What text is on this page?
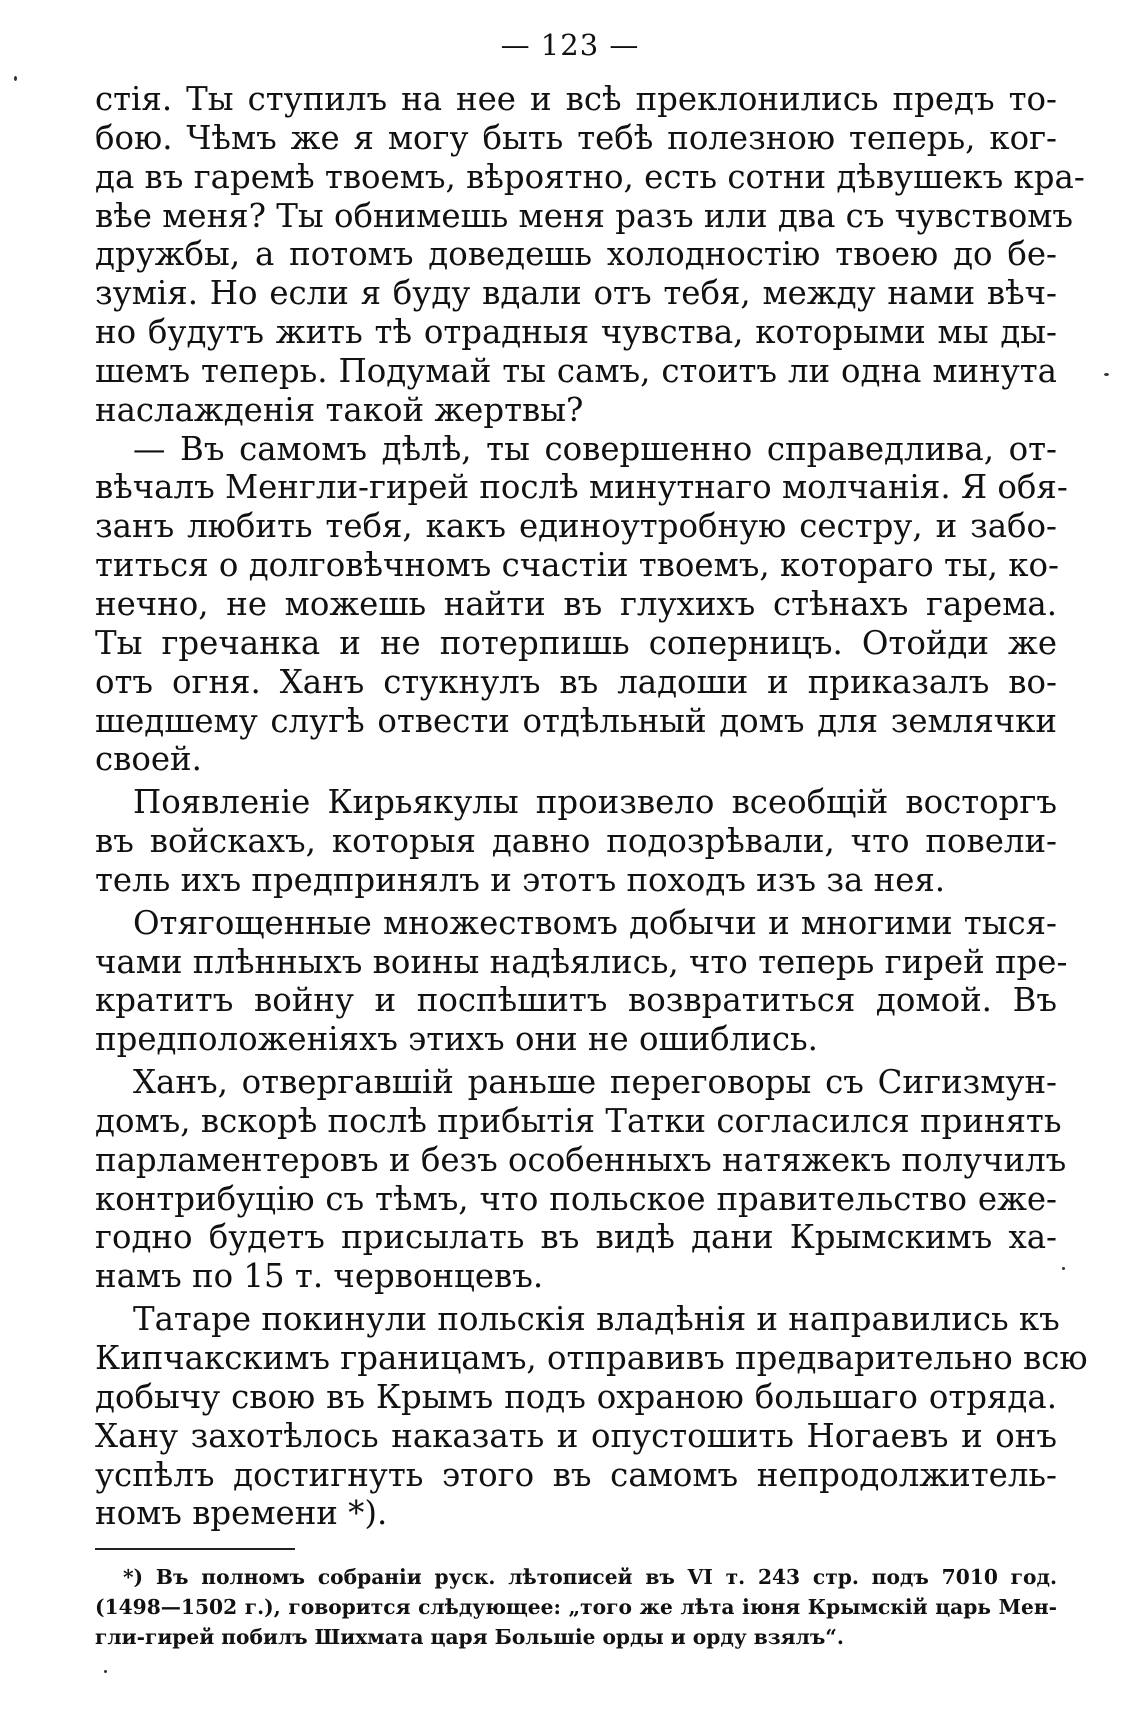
— 123 —
стія. Ты ступилъ на нее и всѣ преклонились предъ то-
бою. Чѣмъ же я могу быть тебѣ полезною теперь, ког-
да въ гаремѣ твоемъ, вѣроятно, есть сотни дѣвушекъ кра-
вѣе меня? Ты обнимешь меня разъ или два съ чувствомъ
дружбы, а потомъ доведешь холодностію твоею до бе-
зумія. Но если я буду вдали отъ тебя, между нами вѣч-
но будутъ жить тѣ отрадныя чувства, которыми мы ды-
шемъ теперь. Подумай ты самъ, стоитъ ли одна минута
наслажденія такой жертвы?
— Въ самомъ дѣлѣ, ты совершенно справедлива, от-
вѣчалъ Менгли-гирей послѣ минутнаго молчанія. Я обя-
занъ любить тебя, какъ единоутробную сестру, и забо-
титься о долговѣчномъ счастіи твоемъ, котораго ты, ко-
нечно, не можешь найти въ глухихъ стѣнахъ гарема.
Ты гречанка и не потерпишь соперницъ. Отойди же
отъ огня. Ханъ стукнулъ въ ладоши и приказалъ во-
шедшему слугѣ отвести отдѣльный домъ для землячки
своей.
Появленіе Кирьякулы произвело всеобщій восторгъ
въ войскахъ, которыя давно подозрѣвали, что повели-
тель ихъ предпринялъ и этотъ походъ изъ за нея.
Отягощенные множествомъ добычи и многими тыся-
чами плѣнныхъ воины надѣялись, что теперь гирей пре-
кратитъ войну и поспѣшитъ возвратиться домой. Въ
предположеніяхъ этихъ они не ошиблись.
Ханъ, отвергавшій раньше переговоры съ Сигизмун-
домъ, вскорѣ послѣ прибытія Татки согласился принять
парламентеровъ и безъ особенныхъ натяжекъ получилъ
контрибуцію съ тѣмъ, что польское правительство еже-
годно будетъ присылать въ видѣ дани Крымскимъ ха-
намъ по 15 т. червонцевъ.
Татаре покинули польскія владѣнія и направились къ
Кипчакскимъ границамъ, отправивъ предварительно всю
добычу свою въ Крымъ подъ охраною большаго отряда.
Хану захотѣлось наказать и опустошить Ногаевъ и онъ
успѣлъ достигнуть этого въ самомъ непродолжитель-
номъ времени *).
*) Въ полномъ собраніи руск. лѣтописей въ VI т. 243 стр. подъ 7010 год.
(1498—1502 г.), говорится слѣдующее: „того же лѣта іюня Крымскій царь Мен-
гли-гирей побилъ Шихмата царя Большіе орды и орду взялъ“.
